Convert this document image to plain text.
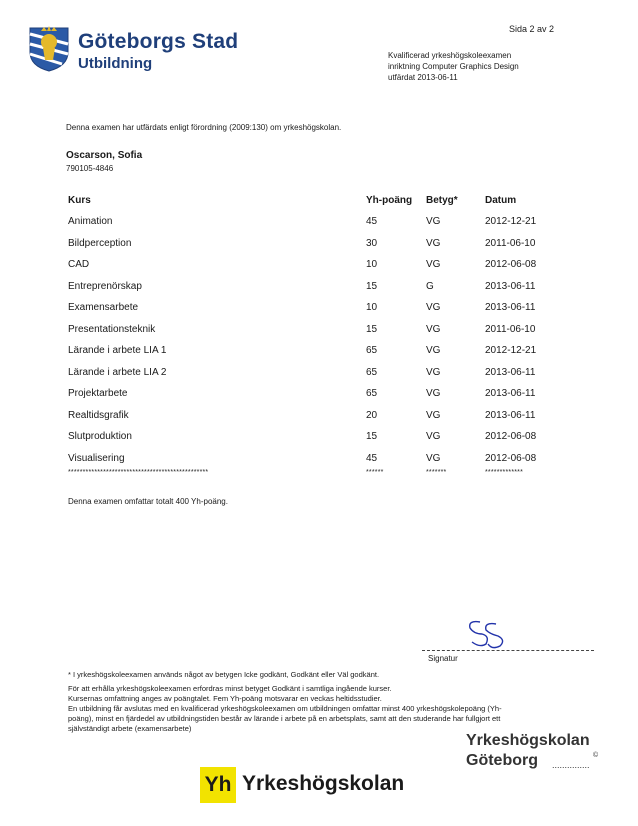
Sida 2 av 2
Göteborgs Stad
Utbildning	Kvalificerad yrkeshögskoleexamen
inriktning Computer Graphics Design
utfärdat 2013-06-11
Denna examen har utfärdats enligt förordning (2009:130) om yrkeshögskolan.
Oscarson, Sofia
790105-4846
Kurs	Yh-poäng	Betyg*	Datum
Animation	45	VG	2012-12-21
Bildperception	30	VG	2011-06-10
CAD	10	VG	2012-06-08
Entreprenörskap	15	G	2013-06-11
Examensarbete	10	VG	2013-06-11
Presentationsteknik	15	VG	2011-06-10
Lärande i arbete LIA 1	65	VG	2012-12-21
Lärande i arbete LIA 2	65	VG	2013-06-11
Projektarbete	65	VG	2013-06-11
Realtidsgrafik	20	VG	2013-06-11
Slutproduktion	15	VG	2012-06-08
Visualisering	45	VG	2012-06-08
************************************************	******	*******	*************
Denna examen omfattar totalt 400 Yh-poäng.
Signatur
* I yrkeshögskoleexamen används något av betygen Icke godkänt, Godkänt eller Väl godkänt.
För att erhålla yrkeshögskoleexamen erfordras minst betyget Godkänt i samtliga ingående kurser.
Kursernas omfattning anges av poängtalet. Fem Yh-poäng motsvarar en veckas heltidsstudier.
En utbildning får avslutas med en kvalificerad yrkeshögskoleexamen om utbildningen omfattar minst 400 yrkeshögskolepoäng (Yh-poäng), minst en fjärdedel av utbildningstiden består av lärande i arbete på en arbetsplats, samt att den studerande har fullgjort ett självständigt arbete (examensarbete)
Yh Yrkeshögskolan
Yrkeshögskolan
Göteborg ...............
©
